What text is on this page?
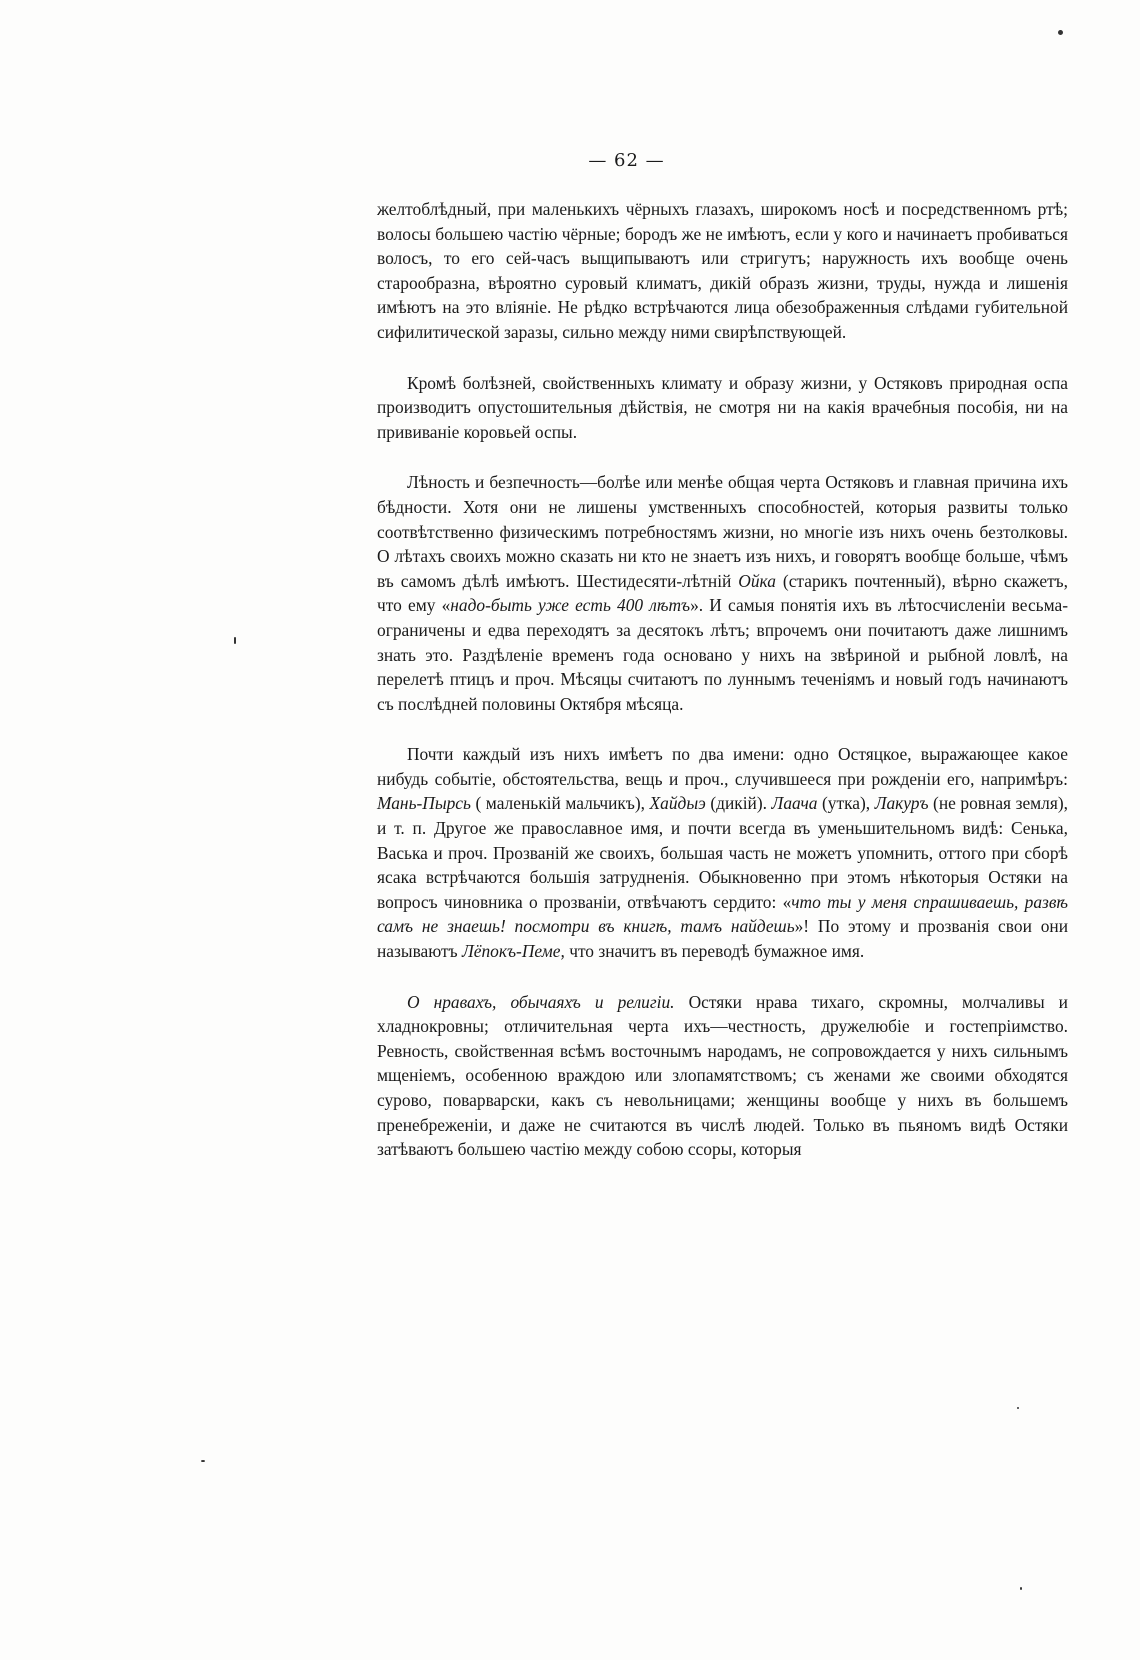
— 62 —

желтоблѣдный, при маленькихъ чёрныхъ глазахъ, широкомъ носѣ и посредственномъ ртѣ; волосы большею частію чёрные; бородъ же не имѣютъ, если у кого и начинаетъ пробиваться волосъ, то его сей-часъ выщипываютъ или стригутъ; наружность ихъ вообще очень старообразна, вѣроятно суровый климатъ, дикій образъ жизни, труды, нужда и лишенія имѣютъ на это вліяніе. Не рѣдко встрѣчаются лица обезображенныя слѣдами губительной сифилитической заразы, сильно между ними свирѣпствующей.

Кромѣ болѣзней, свойственныхъ климату и образу жизни, у Остяковъ природная оспа производитъ опустошительныя дѣйствія, не смотря ни на какія врачебныя пособія, ни на прививаніе коровьей оспы.

Лѣность и безпечность—болѣе или менѣе общая черта Остяковъ и главная причина ихъ бѣдности. Хотя они не лишены умственныхъ способностей, которыя развиты только соотвѣтственно физическимъ потребностямъ жизни, но многіе изъ нихъ очень безтолковы. О лѣтахъ своихъ можно сказать ни кто не знаетъ изъ нихъ, и говорятъ вообще больше, чѣмъ въ самомъ дѣлѣ имѣютъ. Шестидесяти-лѣтній Ойка (старикъ почтенный), вѣрно скажетъ, что ему «надо-быть уже есть 400 лѣтъ». И самыя понятія ихъ въ лѣтосчисленіи весьма-ограничены и едва переходятъ за десятокъ лѣтъ; впрочемъ они почитаютъ даже лишнимъ знать это. Раздѣленіе временъ года основано у нихъ на звѣриной и рыбной ловлѣ, на перелетѣ птицъ и проч. Мѣсяцы считаютъ по луннымъ теченіямъ и новый годъ начинаютъ съ послѣдней половины Октября мѣсяца.

Почти каждый изъ нихъ имѣетъ по два имени: одно Остяцкое, выражающее какое нибудь событіе, обстоятельства, вещь и проч., случившееся при рожденіи его, напримѣръ: Мань-Пырсь ( маленькій мальчикъ), Хайдыэ (дикій). Лаача (утка), Лакуръ (не ровная земля), и т. п. Другое же православное имя, и почти всегда въ уменьшительномъ видѣ: Сенька, Васька и проч. Прозваній же своихъ, большая часть не можетъ упомнить, оттого при сборѣ ясака встрѣчаются большія затрудненія. Обыкновенно при этомъ нѣкоторыя Остяки на вопросъ чиновника о прозваніи, отвѣчаютъ сердито: «что ты у меня спрашиваешь, развѣ самъ не знаешь! посмотри въ книгѣ, тамъ найдешь»! По этому и прозванія свои они называютъ Лёпокъ-Пеме, что значитъ въ переводѣ бумажное имя.

О нравахъ, обычаяхъ и религіи. Остяки нрава тихаго, скромны, молчаливы и хладнокровны; отличительная черта ихъ—честность, дружелюбіе и гостепріимство. Ревность, свойственная всѣмъ восточнымъ народамъ, не сопровождается у нихъ сильнымъ мщеніемъ, особенною враждою или злопамятствомъ; съ женами же своими обходятся сурово, поварварски, какъ съ невольницами; женщины вообще у нихъ въ большемъ пренебреженіи, и даже не считаются въ числѣ людей. Только въ пьяномъ видѣ Остяки затѣваютъ большею частію между собою ссоры, которыя
